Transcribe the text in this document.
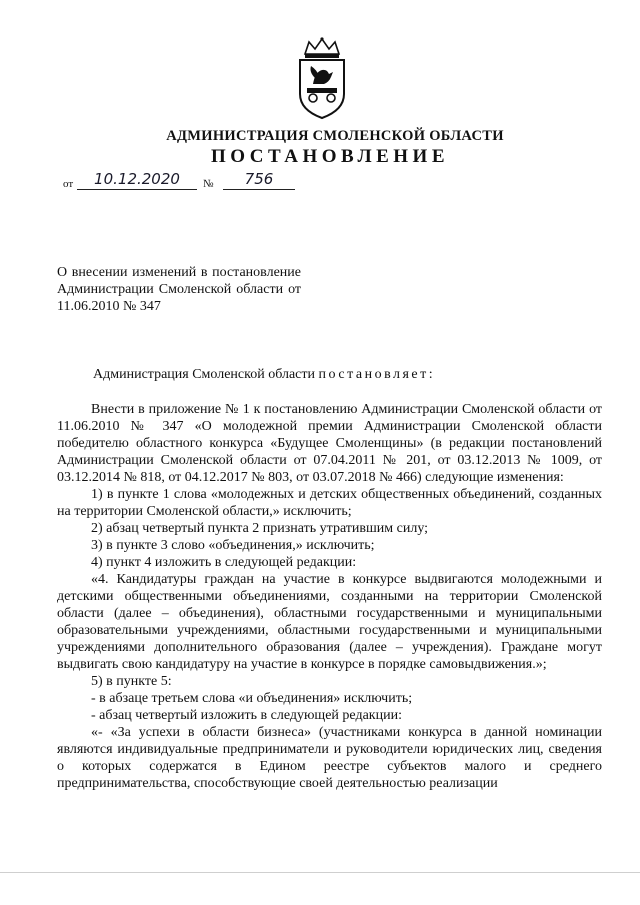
АДМИНИСТРАЦИЯ СМОЛЕНСКОЙ ОБЛАСТИ
ПОСТАНОВЛЕНИЕ
от	10.12.2020	№	756
О внесении изменений в постановление Администрации Смоленской области от 11.06.2010 № 347
Администрация Смоленской области постановляет:

Внести в приложение № 1 к постановлению Администрации Смоленской области от 11.06.2010 № 347 «О молодежной премии Администрации Смоленской области победителю областного конкурса «Будущее Смоленщины» (в редакции постановлений Администрации Смоленской области от 07.04.2011 № 201, от 03.12.2013 № 1009, от 03.12.2014 № 818, от 04.12.2017 № 803, от 03.07.2018 № 466) следующие изменения:

1) в пункте 1 слова «молодежных и детских общественных объединений, созданных на территории Смоленской области,» исключить;

2) абзац четвертый пункта 2 признать утратившим силу;

3) в пункте 3 слово «объединения,» исключить;

4) пункт 4 изложить в следующей редакции:

«4. Кандидатуры граждан на участие в конкурсе выдвигаются молодежными и детскими общественными объединениями, созданными на территории Смоленской области (далее – объединения), областными государственными и муниципальными образовательными учреждениями, областными государственными и муниципальными учреждениями дополнительного образования (далее – учреждения). Граждане могут выдвигать свою кандидатуру на участие в конкурсе в порядке самовыдвижения.»;

5) в пункте 5:

- в абзаце третьем слова «и объединения» исключить;

- абзац четвертый изложить в следующей редакции:

«- «За успехи в области бизнеса» (участниками конкурса в данной номинации являются индивидуальные предприниматели и руководители юридических лиц, сведения о которых содержатся в Едином реестре субъектов малого и среднего предпринимательства, способствующие своей деятельностью реализации
